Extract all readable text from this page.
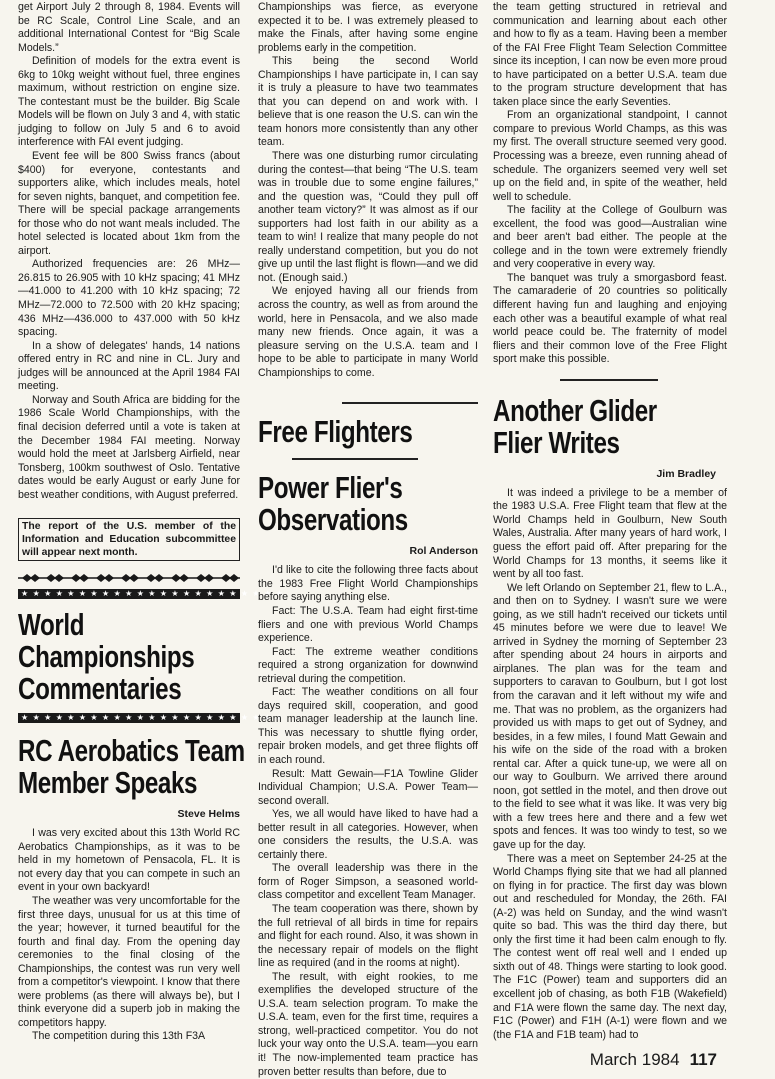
get Airport July 2 through 8, 1984. Events will be RC Scale, Control Line Scale, and an additional International Contest for “Big Scale Models.”

Definition of models for the extra event is 6kg to 10kg weight without fuel, three engines maximum, without restriction on engine size. The contestant must be the builder. Big Scale Models will be flown on July 3 and 4, with static judging to follow on July 5 and 6 to avoid interference with FAI event judging.

Event fee will be 800 Swiss francs (about $400) for everyone, contestants and supporters alike, which includes meals, hotel for seven nights, banquet, and competition fee. There will be special package arrangements for those who do not want meals included. The hotel selected is located about 1km from the airport.

Authorized frequencies are: 26 MHz—26.815 to 26.905 with 10 kHz spacing; 41 MHz—41.000 to 41.200 with 10 kHz spacing; 72 MHz—72.000 to 72.500 with 20 kHz spacing; 436 MHz—436.000 to 437.000 with 50 kHz spacing.

In a show of delegates' hands, 14 nations offered entry in RC and nine in CL. Jury and judges will be announced at the April 1984 FAI meeting.

Norway and South Africa are bidding for the 1986 Scale World Championships, with the final decision deferred until a vote is taken at the December 1984 FAI meeting. Norway would hold the meet at Jarlsberg Airfield, near Tonsberg, 100km southwest of Oslo. Tentative dates would be early August or early June for best weather conditions, with August preferred.

The report of the U.S. member of the Information and Education subcommittee will appear next month.
★★★★★★★★★★★★★★★★★★★★★★★
World
Championships
Commentaries
★★★★★★★★★★★★★★★★★★★★★★★
RC Aerobatics Team
Member Speaks
Steve Helms

I was very excited about this 13th World RC Aerobatics Championships, as it was to be held in my hometown of Pensacola, FL. It is not every day that you can compete in such an event in your own backyard!

The weather was very uncomfortable for the first three days, unusual for us at this time of the year; however, it turned beautiful for the fourth and final day. From the opening day ceremonies to the final closing of the Championships, the contest was run very well from a competitor's viewpoint. I know that there were problems (as there will always be), but I think everyone did a superb job in making the competitors happy.

The competition during this 13th F3A

Championships was fierce, as everyone expected it to be. I was extremely pleased to make the Finals, after having some engine problems early in the competition.

This being the second World Championships I have participate in, I can say it is truly a pleasure to have two teammates that you can depend on and work with. I believe that is one reason the U.S. can win the team honors more consistently than any other team.

There was one disturbing rumor circulating during the contest—that being “The U.S. team was in trouble due to some engine failures,” and the question was, “Could they pull off another team victory?” It was almost as if our supporters had lost faith in our ability as a team to win! I realize that many people do not really understand competition, but you do not give up until the last flight is flown—and we did not. (Enough said.)

We enjoyed having all our friends from across the country, as well as from around the world, here in Pensacola, and we also made many new friends. Once again, it was a pleasure serving on the U.S.A. team and I hope to be able to participate in many World Championships to come.

Free Flighters
Power Flier's
Observations
Rol Anderson

I'd like to cite the following three facts about the 1983 Free Flight World Championships before saying anything else.

Fact: The U.S.A. Team had eight first-time fliers and one with previous World Champs experience.

Fact: The extreme weather conditions required a strong organization for downwind retrieval during the competition.

Fact: The weather conditions on all four days required skill, cooperation, and good team manager leadership at the launch line. This was necessary to shuttle flying order, repair broken models, and get three flights off in each round.

Result: Matt Gewain—F1A Towline Glider Individual Champion; U.S.A. Power Team—second overall.

Yes, we all would have liked to have had a better result in all categories. However, when one considers the results, the U.S.A. was certainly there.

The overall leadership was there in the form of Roger Simpson, a seasoned world-class competitor and excellent Team Manager.

The team cooperation was there, shown by the full retrieval of all birds in time for repairs and flight for each round. Also, it was shown in the necessary repair of models on the flight line as required (and in the rooms at night).

The result, with eight rookies, to me exemplifies the developed structure of the U.S.A. team selection program. To make the U.S.A. team, even for the first time, requires a strong, well-practiced competitor. You do not luck your way onto the U.S.A. team—you earn it! The now-implemented team practice has proven better results than before, due to

the team getting structured in retrieval and communication and learning about each other and how to fly as a team. Having been a member of the FAI Free Flight Team Selection Committee since its inception, I can now be even more proud to have participated on a better U.S.A. team due to the program structure development that has taken place since the early Seventies.

From an organizational standpoint, I cannot compare to previous World Champs, as this was my first. The overall structure seemed very good. Processing was a breeze, even running ahead of schedule. The organizers seemed very well set up on the field and, in spite of the weather, held well to schedule.

The facility at the College of Goulburn was excellent, the food was good—Australian wine and beer aren't bad either. The people at the college and in the town were extremely friendly and very cooperative in every way.

The banquet was truly a smorgasbord feast. The camaraderie of 20 countries so politically different having fun and laughing and enjoying each other was a beautiful example of what real world peace could be. The fraternity of model fliers and their common love of the Free Flight sport make this possible.

Another Glider
Flier Writes
Jim Bradley

It was indeed a privilege to be a member of the 1983 U.S.A. Free Flight team that flew at the World Champs held in Goulburn, New South Wales, Australia. After many years of hard work, I guess the effort paid off. After preparing for the World Champs for 13 months, it seems like it went by all too fast.

We left Orlando on September 21, flew to L.A., and then on to Sydney. I wasn't sure we were going, as we still hadn't received our tickets until 45 minutes before we were due to leave! We arrived in Sydney the morning of September 23 after spending about 24 hours in airports and airplanes. The plan was for the team and supporters to caravan to Goulburn, but I got lost from the caravan and it left without my wife and me. That was no problem, as the organizers had provided us with maps to get out of Sydney, and besides, in a few miles, I found Matt Gewain and his wife on the side of the road with a broken rental car. After a quick tune-up, we were all on our way to Goulburn. We arrived there around noon, got settled in the motel, and then drove out to the field to see what it was like. It was very big with a few trees here and there and a few wet spots and fences. It was too windy to test, so we gave up for the day.

There was a meet on September 24-25 at the World Champs flying site that we had all planned on flying in for practice. The first day was blown out and rescheduled for Monday, the 26th. FAI (A-2) was held on Sunday, and the wind wasn't quite so bad. This was the third day there, but only the first time it had been calm enough to fly. The contest went off real well and I ended up sixth out of 48. Things were starting to look good. The F1C (Power) team and supporters did an excellent job of chasing, as both F1B (Wakefield) and F1A were flown the same day. The next day, F1C (Power) and F1H (A-1) were flown and we (the F1A and F1B team) had to

March 1984 117
